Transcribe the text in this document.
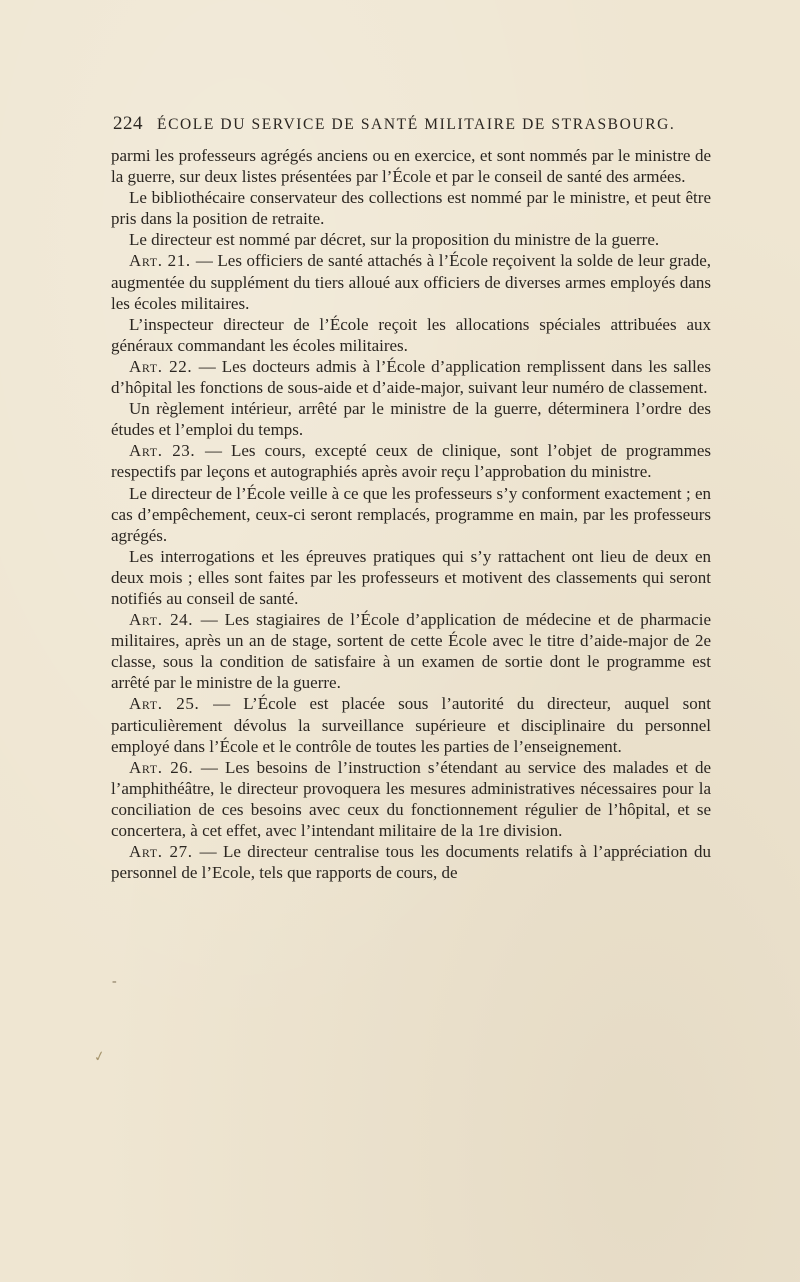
224 ÉCOLE DU SERVICE DE SANTÉ MILITAIRE DE STRASBOURG.

parmi les professeurs agrégés anciens ou en exercice, et sont nommés par le ministre de la guerre, sur deux listes présentées par l’École et par le conseil de santé des armées.

Le bibliothécaire conservateur des collections est nommé par le ministre, et peut être pris dans la position de retraite.

Le directeur est nommé par décret, sur la proposition du ministre de la guerre.

Art. 21. — Les officiers de santé attachés à l’École reçoivent la solde de leur grade, augmentée du supplément du tiers alloué aux officiers de diverses armes employés dans les écoles militaires.

L’inspecteur directeur de l’École reçoit les allocations spéciales attribuées aux généraux commandant les écoles militaires.

Art. 22. — Les docteurs admis à l’École d’application remplissent dans les salles d’hôpital les fonctions de sous-aide et d’aide-major, suivant leur numéro de classement.

Un règlement intérieur, arrêté par le ministre de la guerre, déterminera l’ordre des études et l’emploi du temps.

Art. 23. — Les cours, excepté ceux de clinique, sont l’objet de programmes respectifs par leçons et autographiés après avoir reçu l’approbation du ministre.

Le directeur de l’École veille à ce que les professeurs s’y conforment exactement ; en cas d’empêchement, ceux-ci seront remplacés, programme en main, par les professeurs agrégés.

Les interrogations et les épreuves pratiques qui s’y rattachent ont lieu de deux en deux mois ; elles sont faites par les professeurs et motivent des classements qui seront notifiés au conseil de santé.

Art. 24. — Les stagiaires de l’École d’application de médecine et de pharmacie militaires, après un an de stage, sortent de cette École avec le titre d’aide-major de 2e classe, sous la condition de satisfaire à un examen de sortie dont le programme est arrêté par le ministre de la guerre.

Art. 25. — L’École est placée sous l’autorité du directeur, auquel sont particulièrement dévolus la surveillance supérieure et disciplinaire du personnel employé dans l’École et le contrôle de toutes les parties de l’enseignement.

Art. 26. — Les besoins de l’instruction s’étendant au service des malades et de l’amphithéâtre, le directeur provoquera les mesures administratives nécessaires pour la conciliation de ces besoins avec ceux du fonctionnement régulier de l’hôpital, et se concertera, à cet effet, avec l’intendant militaire de la 1re division.

Art. 27. — Le directeur centralise tous les documents relatifs à l’appréciation du personnel de l’Ecole, tels que rapports de cours, de

-
✓
